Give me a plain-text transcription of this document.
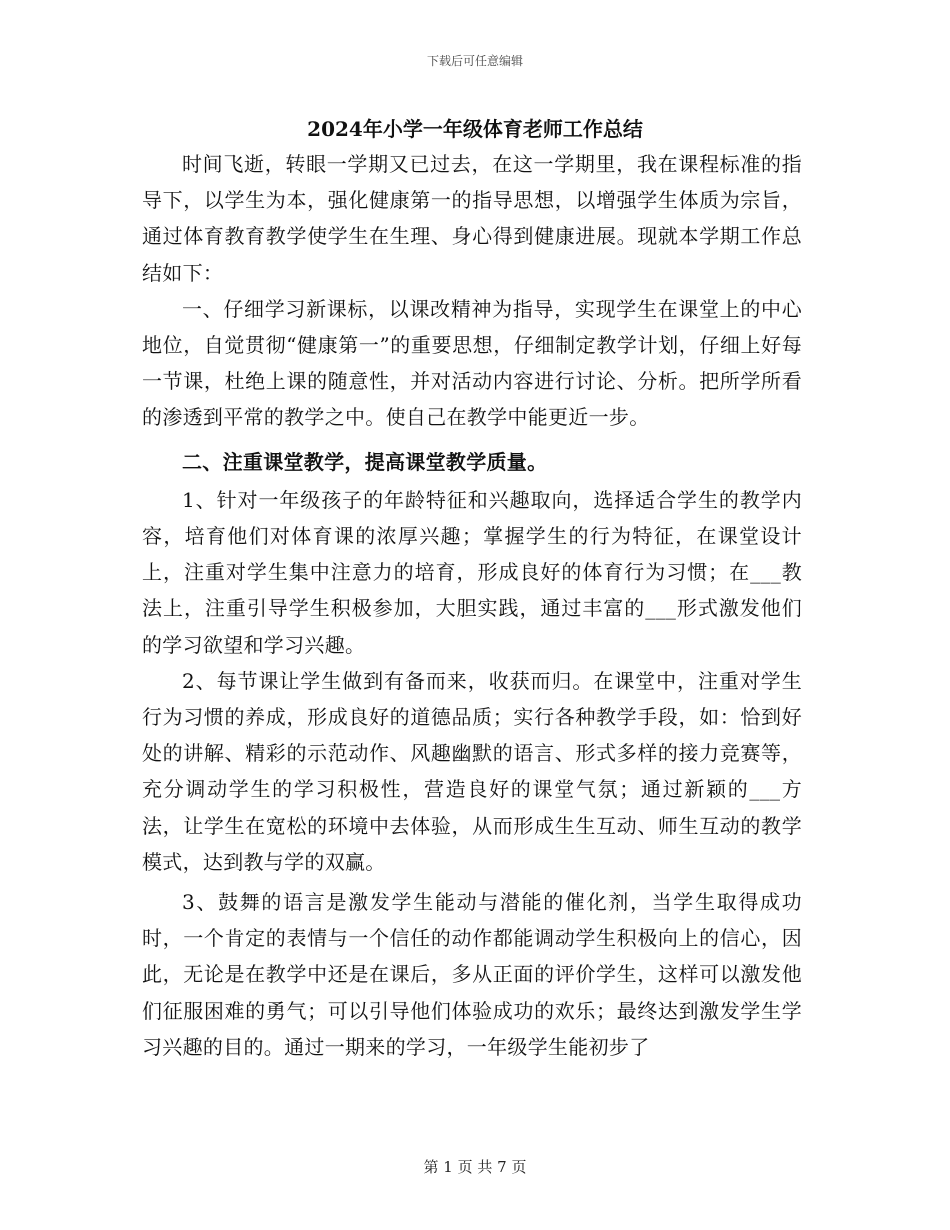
下载后可任意编辑
2024年小学一年级体育老师工作总结

时间飞逝，转眼一学期又已过去，在这一学期里，我在课程标准的指导下，以学生为本，强化健康第一的指导思想，以增强学生体质为宗旨，通过体育教育教学使学生在生理、身心得到健康进展。现就本学期工作总结如下：

一、仔细学习新课标，以课改精神为指导，实现学生在课堂上的中心地位，自觉贯彻“健康第一”的重要思想，仔细制定教学计划，仔细上好每一节课，杜绝上课的随意性，并对活动内容进行讨论、分析。把所学所看的渗透到平常的教学之中。使自己在教学中能更近一步。

二、注重课堂教学，提高课堂教学质量。

1、针对一年级孩子的年龄特征和兴趣取向，选择适合学生的教学内容，培育他们对体育课的浓厚兴趣；掌握学生的行为特征，在课堂设计上，注重对学生集中注意力的培育，形成良好的体育行为习惯；在___教法上，注重引导学生积极参加，大胆实践，通过丰富的___形式激发他们的学习欲望和学习兴趣。

2、每节课让学生做到有备而来，收获而归。在课堂中，注重对学生行为习惯的养成，形成良好的道德品质；实行各种教学手段，如：恰到好处的讲解、精彩的示范动作、风趣幽默的语言、形式多样的接力竞赛等，充分调动学生的学习积极性，营造良好的课堂气氛；通过新颖的___方法，让学生在宽松的环境中去体验，从而形成生生互动、师生互动的教学模式，达到教与学的双赢。

3、鼓舞的语言是激发学生能动与潜能的催化剂，当学生取得成功时，一个肯定的表情与一个信任的动作都能调动学生积极向上的信心，因此，无论是在教学中还是在课后，多从正面的评价学生，这样可以激发他们征服困难的勇气；可以引导他们体验成功的欢乐；最终达到激发学生学习兴趣的目的。通过一期来的学习，一年级学生能初步了

第 1 页 共 7 页
